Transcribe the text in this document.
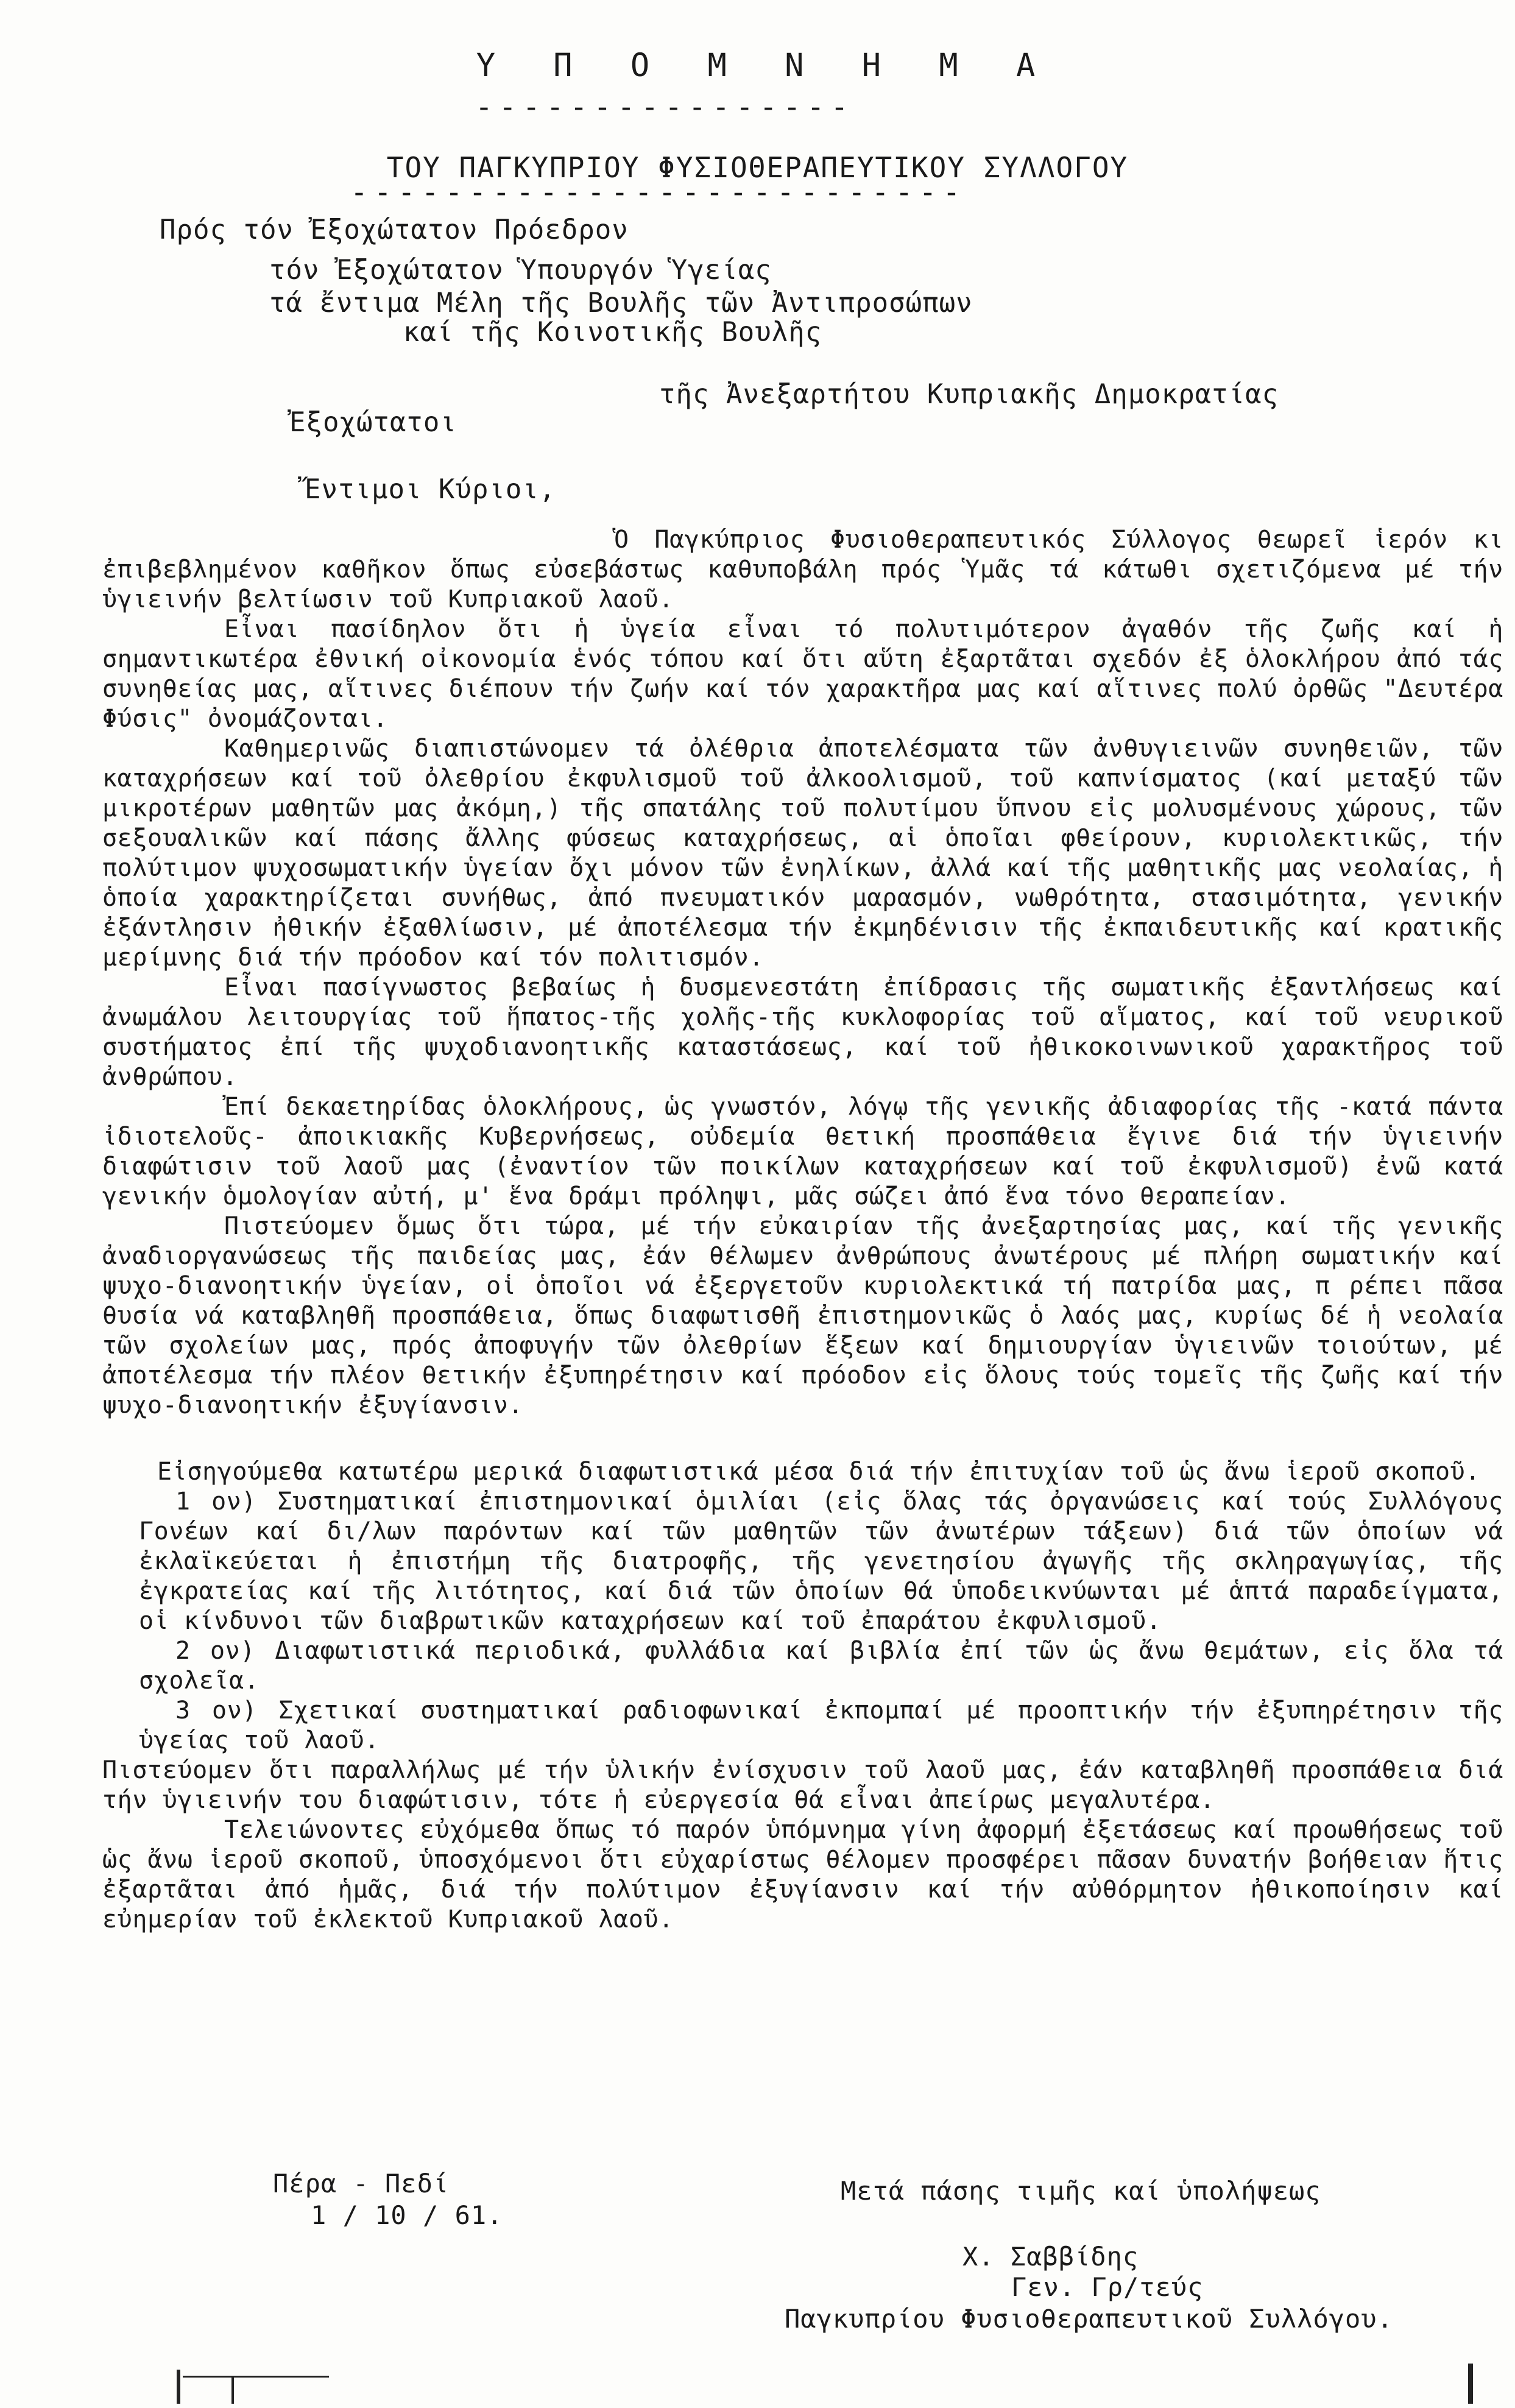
Υ Π Ο Μ Ν Η Μ Α
----------------
ΤΟΥ ΠΑΓΚΥΠΡΙΟΥ ΦΥΣΙΟΘΕΡΑΠΕΥΤΙΚΟΥ ΣΥΛΛΟΓΟΥ
--------------------------
Πρός τόν Ἐξοχώτατον Πρόεδρον
τόν Ἐξοχώτατον Ὑπουργόν Ὑγείας
τά ἔντιμα Μέλη τῆς Βουλῆς τῶν Ἀντιπροσώπων
καί τῆς Κοινοτικῆς Βουλῆς
τῆς Ἀνεξαρτήτου Κυπριακῆς Δημοκρατίας
Ἐξοχώτατοι
Ἔντιμοι Κύριοι,

Ὁ Παγκύπριος Φυσιοθεραπευτικός Σύλλογος θεωρεῖ ἱερόν κι ἐπιβεβλημένον καθῆκον ὅπως εὐσεβάστως καθυποβάλη πρός Ὑμᾶς τά κάτωθι σχετιζόμενα μέ τήν ὑγιεινήν βελτίωσιν τοῦ Κυπριακοῦ λαοῦ.

Εἶναι πασίδηλον ὅτι ἡ ὑγεία εἶναι τό πολυτιμότερον ἀγαθόν τῆς ζωῆς καί ἡ σημαντικωτέρα ἐθνική οἰκονομία ἑνός τόπου καί ὅτι αὕτη ἐξαρτᾶται σχεδόν ἐξ ὁλοκλήρου ἀπό τάς συνηθείας μας, αἵτινες διέπουν τήν ζωήν καί τόν χαρακτῆρα μας καί αἵτινες πολύ ὀρθῶς "Δευτέρα Φύσις" ὀνομάζονται.

Καθημερινῶς διαπιστώνομεν τά ὀλέθρια ἀποτελέσματα τῶν ἀνθυγιεινῶν συνηθειῶν, τῶν καταχρήσεων καί τοῦ ὀλεθρίου ἐκφυλισμοῦ τοῦ ἀλκοολισμοῦ, τοῦ καπνίσματος (καί μεταξύ τῶν μικροτέρων μαθητῶν μας ἀκόμη,) τῆς σπατάλης τοῦ πολυτίμου ὕπνου εἰς μολυσμένους χώρους, τῶν σεξουαλικῶν καί πάσης ἄλλης φύσεως καταχρήσεως, αἱ ὁποῖαι φθείρουν, κυριολεκτικῶς, τήν πολύτιμον ψυχοσωματικήν ὑγείαν ὄχι μόνον τῶν ἐνηλίκων, ἀλλά καί τῆς μαθητικῆς μας νεολαίας, ἡ ὁποία χαρακτηρίζεται συνήθως, ἀπό πνευματικόν μαρασμόν, νωθρότητα, στασιμότητα, γενικήν ἐξάντλησιν ἠθικήν ἐξαθλίωσιν, μέ ἀποτέλεσμα τήν ἐκμηδένισιν τῆς ἐκπαιδευτικῆς καί κρατικῆς μερίμνης διά τήν πρόοδον καί τόν πολιτισμόν.

Εἶναι πασίγνωστος βεβαίως ἡ δυσμενεστάτη ἐπίδρασις τῆς σωματικῆς ἐξαντλήσεως καί ἀνωμάλου λειτουργίας τοῦ ἥπατος-τῆς χολῆς-τῆς κυκλοφορίας τοῦ αἵματος, καί τοῦ νευρικοῦ συστήματος ἐπί τῆς ψυχοδιανοητικῆς καταστάσεως, καί τοῦ ἠθικοκοινωνικοῦ χαρακτῆρος τοῦ ἀνθρώπου.

Ἐπί δεκαετηρίδας ὁλοκλήρους, ὡς γνωστόν, λόγῳ τῆς γενικῆς ἀδιαφορίας τῆς -κατά πάντα ἰδιοτελοῦς- ἀποικιακῆς Κυβερνήσεως, οὐδεμία θετική προσπάθεια ἔγινε διά τήν ὑγιεινήν διαφώτισιν τοῦ λαοῦ μας (ἐναντίον τῶν ποικίλων καταχρήσεων καί τοῦ ἐκφυλισμοῦ) ἐνῶ κατά γενικήν ὁμολογίαν αὐτή, μ' ἕνα δράμι πρόληψι, μᾶς σώζει ἀπό ἕνα τόνο θεραπείαν.

Πιστεύομεν ὅμως ὅτι τώρα, μέ τήν εὐκαιρίαν τῆς ἀνεξαρτησίας μας, καί τῆς γενικῆς ἀναδιοργανώσεως τῆς παιδείας μας, ἐάν θέλωμεν ἀνθρώπους ἀνωτέρους μέ πλήρη σωματικήν καί ψυχο-διανοητικήν ὑγείαν, οἱ ὁποῖοι νά ἐξεργετοῦν κυριολεκτικά τή πατρίδα μας, π ρέπει πᾶσα θυσία νά καταβληθῆ προσπάθεια, ὅπως διαφωτισθῆ ἐπιστημονικῶς ὁ λαός μας, κυρίως δέ ἡ νεολαία τῶν σχολείων μας, πρός ἀποφυγήν τῶν ὀλεθρίων ἕξεων καί δημιουργίαν ὑγιεινῶν τοιούτων, μέ ἀποτέλεσμα τήν πλέον θετικήν ἐξυπηρέτησιν καί πρόοδον εἰς ὅλους τούς τομεῖς τῆς ζωῆς καί τήν ψυχο-διανοητικήν ἐξυγίανσιν.

Εἰσηγούμεθα κατωτέρω μερικά διαφωτιστικά μέσα διά τήν ἐπιτυχίαν τοῦ ὡς ἄνω ἱεροῦ σκοποῦ.

1 ον) Συστηματικαί ἐπιστημονικαί ὁμιλίαι (εἰς ὅλας τάς ὀργανώσεις καί τούς Συλλόγους Γονέων καί δι/λων παρόντων καί τῶν μαθητῶν τῶν ἀνωτέρων τάξεων) διά τῶν ὁποίων νά ἐκλαϊκεύεται ἡ ἐπιστήμη τῆς διατροφῆς, τῆς γενετησίου ἀγωγῆς τῆς σκληραγωγίας, τῆς ἐγκρατείας καί τῆς λιτότητος, καί διά τῶν ὁποίων θά ὑποδεικνύωνται μέ ἁπτά παραδείγματα, οἱ κίνδυνοι τῶν διαβρωτικῶν καταχρήσεων καί τοῦ ἐπαράτου ἐκφυλισμοῦ.

2 ον) Διαφωτιστικά περιοδικά, φυλλάδια καί βιβλία ἐπί τῶν ὡς ἄνω θεμάτων, εἰς ὅλα τά σχολεῖα.

3 ον) Σχετικαί συστηματικαί ραδιοφωνικαί ἐκπομπαί μέ προοπτικήν τήν ἐξυπηρέτησιν τῆς ὑγείας τοῦ λαοῦ.

Πιστεύομεν ὅτι παραλλήλως μέ τήν ὑλικήν ἐνίσχυσιν τοῦ λαοῦ μας, ἐάν καταβληθῆ προσπάθεια διά τήν ὑγιεινήν του διαφώτισιν, τότε ἡ εὐεργεσία θά εἶναι ἀπείρως μεγαλυτέρα.

Τελειώνοντες εὐχόμεθα ὅπως τό παρόν ὑπόμνημα γίνη ἀφορμή ἐξετάσεως καί προωθήσεως τοῦ ὡς ἄνω ἱεροῦ σκοποῦ, ὑποσχόμενοι ὅτι εὐχαρίστως θέλομεν προσφέρει πᾶσαν δυνατήν βοήθειαν ἥτις ἐξαρτᾶται ἀπό ἡμᾶς, διά τήν πολύτιμον ἐξυγίανσιν καί τήν αὐθόρμητον ἠθικοποίησιν καί εὐημερίαν τοῦ ἐκλεκτοῦ Κυπριακοῦ λαοῦ.

Πέρα - Πεδί
1 / 10 / 61.
Μετά πάσης τιμῆς καί ὑπολήψεως
Χ. Σαββίδης
Γεν. Γρ/τεύς
Παγκυπρίου Φυσιοθεραπευτικοῦ Συλλόγου.
